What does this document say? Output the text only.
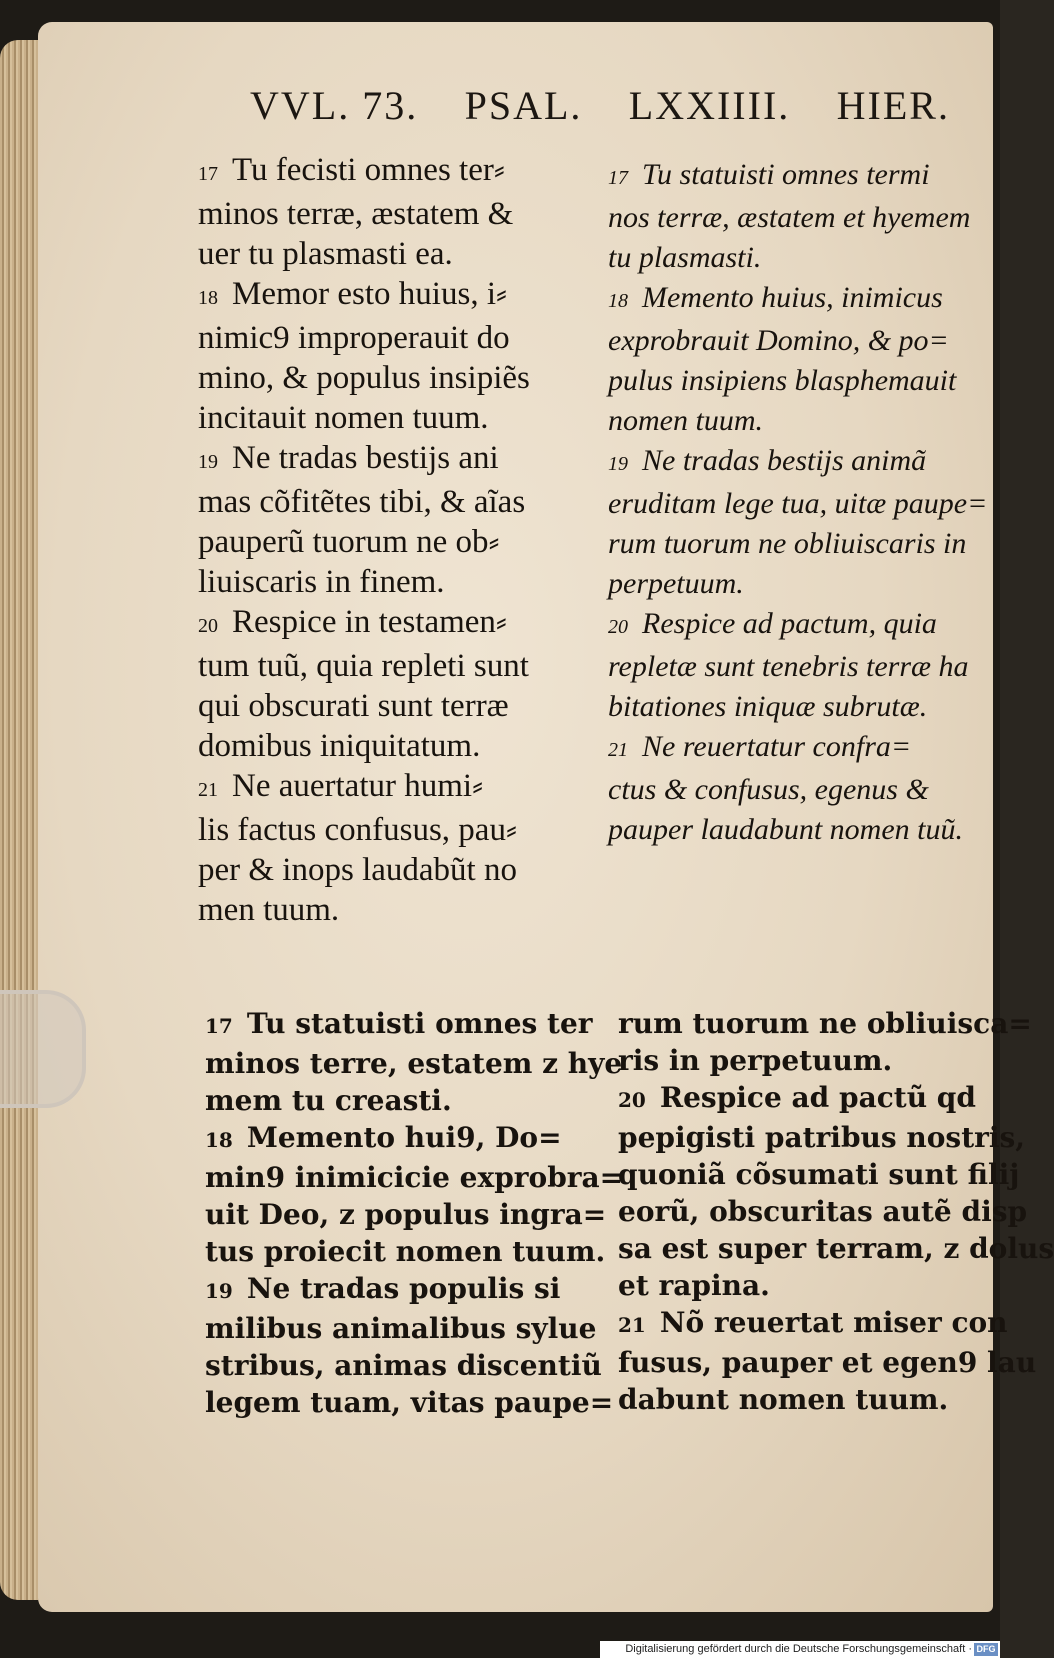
VVL. 73. PSAL. LXXIIII. HIER.
17 Tu fecisti omnes ter⸗
minos terræ, æstatem &
uer tu plasmasti ea.
18 Memor esto huius, i⸗
nimic9 improperauit do
mino, & populus insipiẽs
incitauit nomen tuum.
19 Ne tradas bestijs ani
mas cõfitẽtes tibi, & aĩas
pauperũ tuorum ne ob⸗
liuiscaris in finem.
20 Respice in testamen⸗
tum tuũ, quia repleti sunt
qui obscurati sunt terræ
domibus iniquitatum.
21 Ne auertatur humi⸗
lis factus confusus, pau⸗
per & inops laudabũt no
men tuum.
17 Tu statuisti omnes termi
nos terræ, æstatem et hyemem
tu plasmasti.
18 Memento huius, inimicus
exprobrauit Domino, & po=
pulus insipiens blasphemauit
nomen tuum.
19 Ne tradas bestijs animã
eruditam lege tua, uitæ paupe=
rum tuorum ne obliuiscaris in
perpetuum.
20 Respice ad pactum, quia
repletæ sunt tenebris terræ ha
bitationes iniquæ subrutæ.
21 Ne reuertatur confra=
ctus & confusus, egenus &
pauper laudabunt nomen tuũ.
17 Tu statuisti omnes ter
minos terre, estatem z hye
mem tu creasti.
18 Memento hui9, Do=
min9 inimicicie exprobra=
uit Deo, z populus ingra=
tus proiecit nomen tuum.
19 Ne tradas populis si
milibus animalibus sylue
stribus, animas discentiũ
legem tuam, vitas paupe=
rum tuorum ne obliuisca=
ris in perpetuum.
20 Respice ad pactũ qd
pepigisti patribus nostris,
quoniã cõsumati sunt filij
eorũ, obscuritas autẽ disp
sa est super terram, z dolus
et rapina.
21 Nõ reuertat miser con
fusus, pauper et egen9 lau
dabunt nomen tuum.
Digitalisierung gefördert durch die Deutsche Forschungsgemeinschaft · DFG
